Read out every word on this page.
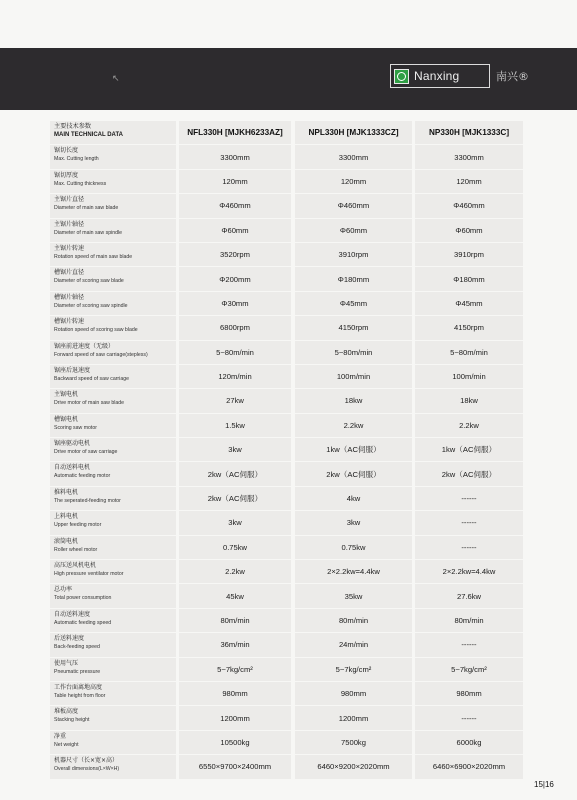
↖	Nanxing	南兴®
主要技术参数
MAIN TECHNICAL DATA	NFL330H [MJKH6233AZ]	NPL330H [MJK1333CZ]	NP330H [MJK1333C]
锯切长度
Max. Cutting length	3300mm	3300mm	3300mm
锯切厚度
Max. Cutting thickness	120mm	120mm	120mm
主锯片直径
Diameter of main saw blade	Φ460mm	Φ460mm	Φ460mm
主锯片轴径
Diameter of main saw spindle	Φ60mm	Φ60mm	Φ60mm
主锯片转速
Rotation speed of main saw blade	3520rpm	3910rpm	3910rpm
槽锯片直径
Diameter of scoring saw blade	Φ200mm	Φ180mm	Φ180mm
槽锯片轴径
Diameter of scoring saw spindle	Φ30mm	Φ45mm	Φ45mm
槽锯片转速
Rotation speed of scoring saw blade	6800rpm	4150rpm	4150rpm
锯座前进速度（无级）
Forward speed of saw carriage(stepless)	5~80m/min	5~80m/min	5~80m/min
锯座后退速度
Backward speed of saw carriage	120m/min	100m/min	100m/min
主锯电机
Drive motor of main saw blade	27kw	18kw	18kw
槽锯电机
Scoring saw motor	1.5kw	2.2kw	2.2kw
锯座驱动电机
Drive motor of saw carriage	3kw	1kw（AC伺服）	1kw（AC伺服）
自动送料电机
Automatic feeding motor	2kw（AC伺服）	2kw（AC伺服）	2kw（AC伺服）
推料电机
The seperated-feeding motor	2kw（AC伺服）	4kw	------
上料电机
Upper feeding motor	3kw	3kw	------
滚筒电机
Roller wheel motor	0.75kw	0.75kw	------
高压送风机电机
High pressure ventilator motor	2.2kw	2×2.2kw=4.4kw	2×2.2kw=4.4kw
总功率
Total power consumption	45kw	35kw	27.6kw
自动送料速度
Automatic feeding speed	80m/min	80m/min	80m/min
后送料速度
Back-feeding speed	36m/min	24m/min	------
使用气压
Pneumatic pressure	5~7kg/cm²	5~7kg/cm²	5~7kg/cm²
工作台面离地高度
Table height from floor	980mm	980mm	980mm
堆板高度
Stacking height	1200mm	1200mm	------
净重
Net weight	10500kg	7500kg	6000kg
机器尺寸（长×宽×高）
Overall dimensions(L×W×H)	6550×9700×2400mm	6460×9200×2020mm	6460×6900×2020mm
15|16
